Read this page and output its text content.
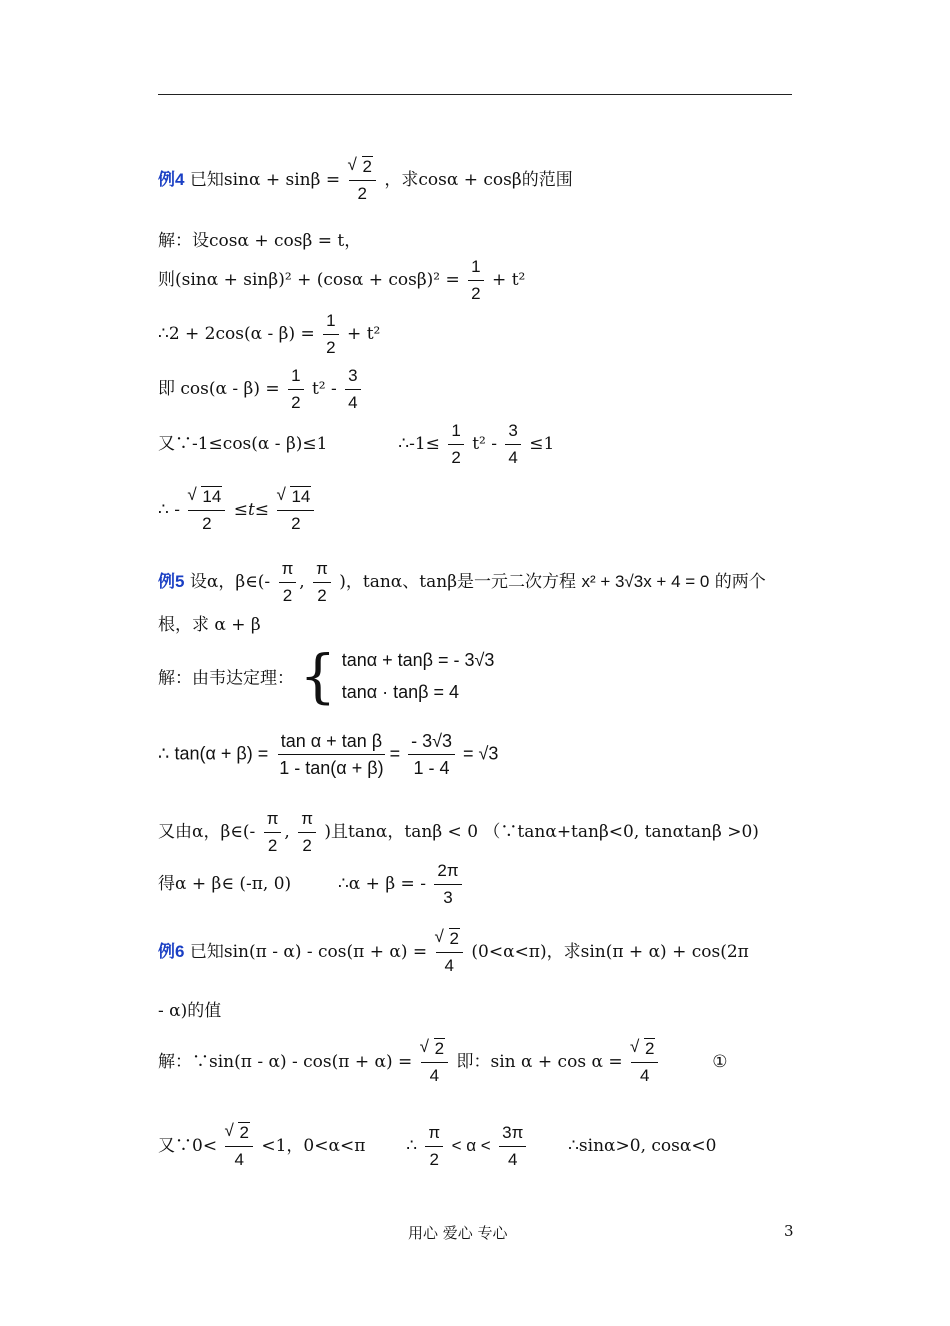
例4 已知sinα + sinβ = √ $\frac{2}{2}$ ，求cosα + cosβ的范围
解：设cosα + cosβ = t，
则$(\sin\alpha + \sin\beta)^2 + (\cos\alpha + \cos\beta)^2 = \frac{1}{2} + t^2$
∴2 + $2\cos(\alpha - \beta) = \frac{1}{2} + t^2$
即 $\cos(\alpha - \beta) = \frac{1}{2} t^2 - \frac{3}{4}$
又∵-1≤cos(α - β)≤1	∴-1≤ $\frac{1}{2} t^2 - \frac{3}{4} \le 1$
∴ - √ $\frac{14}{2} \le t\le$ √ $\frac{14}{2}$
例5 设α，β∈(- $\frac{\pi}{2}$ , $\frac{\pi}{2}$ )，tanα、tanβ是一元二次方程 x² + 3√3x + 4 = 0 的两个
根，求 α + β
解：由韦达定理： { tanα + tanβ = - 3√3
tanα · tanβ = 4
∴ $\tan(\alpha + \beta) = \frac{\text{tan α + tan β}}{1 - \tan(\alpha + \beta)} = \frac{- 3√3}{1 - 4} = √3$
又由α，β∈(- $\frac{\pi}{2}$ , $\frac{\pi}{2}$ )且tanα，tanβ < 0 （∵tanα+tanβ<0, tanαtanβ >0)
得α + β∈ (-π, 0)	∴α + β = - $\frac{2\pi}{3}$
例6 已知sin(π - α) - cos(π + α) = √ $\frac{2}{4} (0<\alpha<\pi)$，求sin(π + α) + cos(2π
- α)的值
解：∵sin(π - α) - cos(π + α) = √ $\frac{2}{4}$ 即：sin α + cos α = √ $\frac{2}{4}$	①
又∵0< √ $\frac{2}{4} <1$，0<α<π ∴ $\frac{\pi}{2} < \alpha < \frac{3\pi}{4}$ ∴sinα>0, cosα<0
用心 爱心 专心	3
